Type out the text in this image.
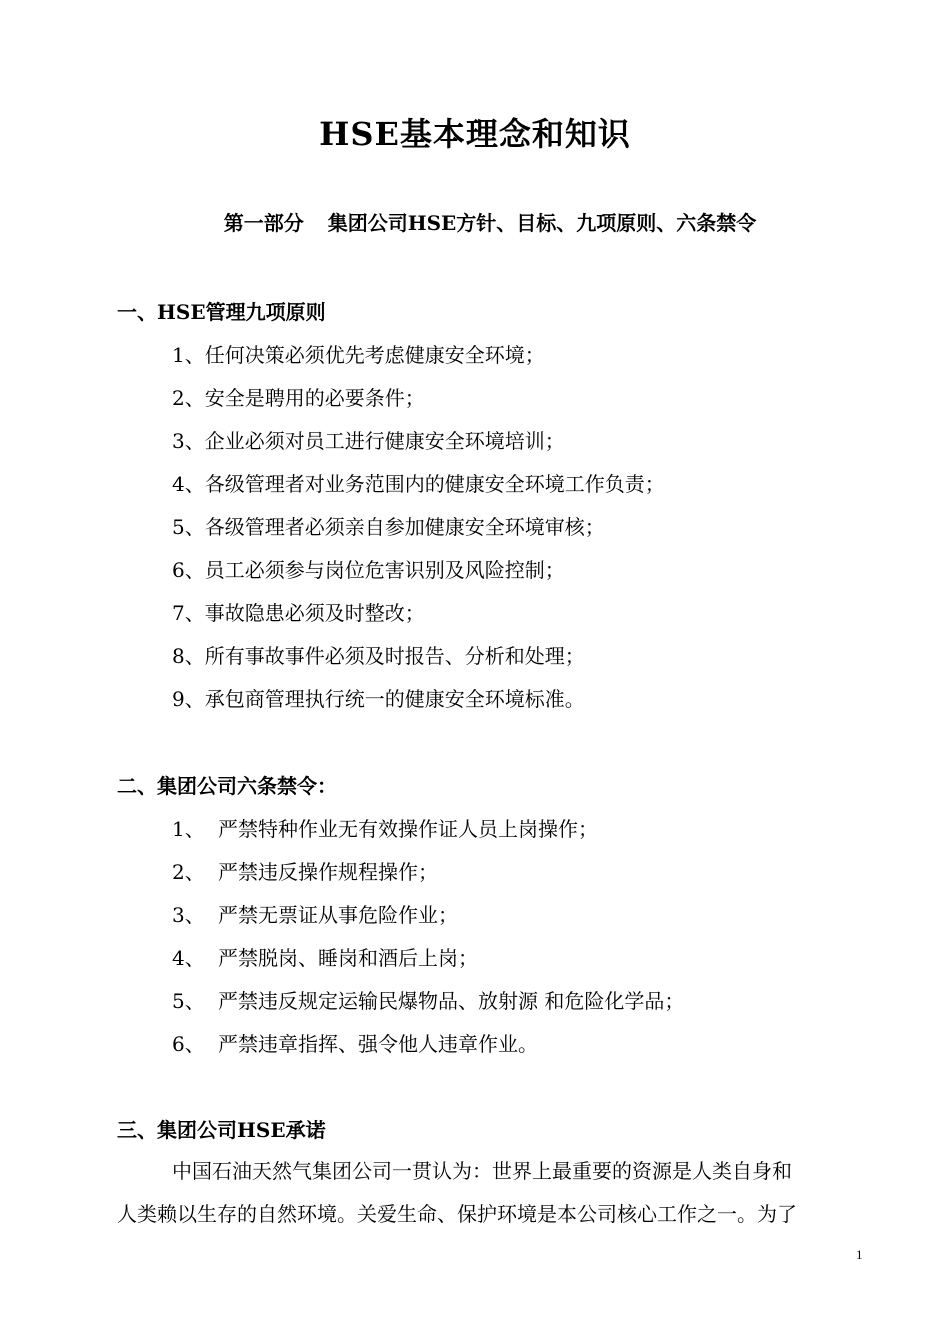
HSE基本理念和知识
第一部分 集团公司HSE方针、目标、九项原则、六条禁令
一、HSE管理九项原则
1、任何决策必须优先考虑健康安全环境；
2、安全是聘用的必要条件；
3、企业必须对员工进行健康安全环境培训；
4、各级管理者对业务范围内的健康安全环境工作负责；
5、各级管理者必须亲自参加健康安全环境审核；
6、员工必须参与岗位危害识别及风险控制；
7、事故隐患必须及时整改；
8、所有事故事件必须及时报告、分析和处理；
9、承包商管理执行统一的健康安全环境标准。
二、集团公司六条禁令：
1、 严禁特种作业无有效操作证人员上岗操作；
2、 严禁违反操作规程操作；
3、 严禁无票证从事危险作业；
4、 严禁脱岗、睡岗和酒后上岗；
5、 严禁违反规定运输民爆物品、放射源 和危险化学品；
6、 严禁违章指挥、强令他人违章作业。
三、集团公司HSE承诺
中国石油天然气集团公司一贯认为：世界上最重要的资源是人类自身和
人类赖以生存的自然环境。关爱生命、保护环境是本公司核心工作之一。为了
1
